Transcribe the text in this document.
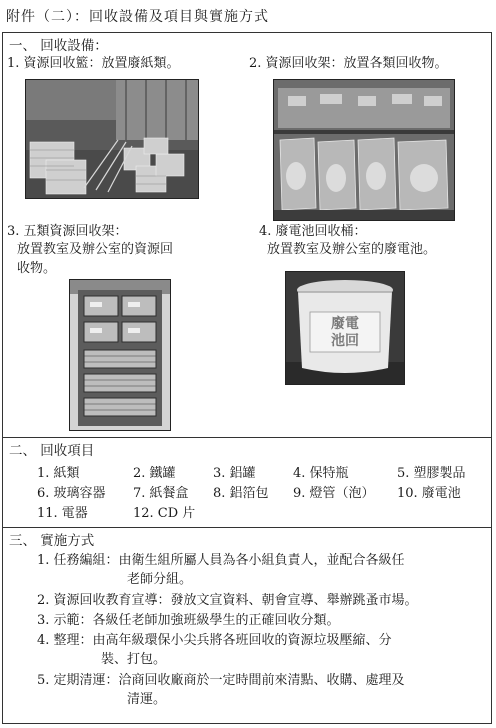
附件（二）：回收設備及項目與實施方式
一、 回收設備：
1. 資源回收籃：放置廢紙類。	2. 資源回收架：放置各類回收物。
3. 五類資源回收架：
放置教室及辦公室的資源回
收物。
4. 廢電池回收桶：
放置教室及辦公室的廢電池。
廢電
池回
二、 回收項目
1. 紙類	2. 鐵罐	3. 鋁罐	4. 保特瓶	5. 塑膠製品
6. 玻璃容器 7. 紙餐盒 8. 鋁箔包 9. 燈管（泡） 10. 廢電池
11. 電器	12. CD 片
三、 實施方式
1. 任務編組：由衛生組所屬人員為各小組負責人，並配合各級任
老師分組。
2. 資源回收教育宣導：發放文宣資料、朝會宣導、舉辦跳蚤市場。
3. 示範：各級任老師加強班級學生的正確回收分類。
4. 整理：由高年級環保小尖兵將各班回收的資源垃圾壓縮、分
裝、打包。
5. 定期清運：洽商回收廠商於一定時間前來清點、收購、處理及
清運。
